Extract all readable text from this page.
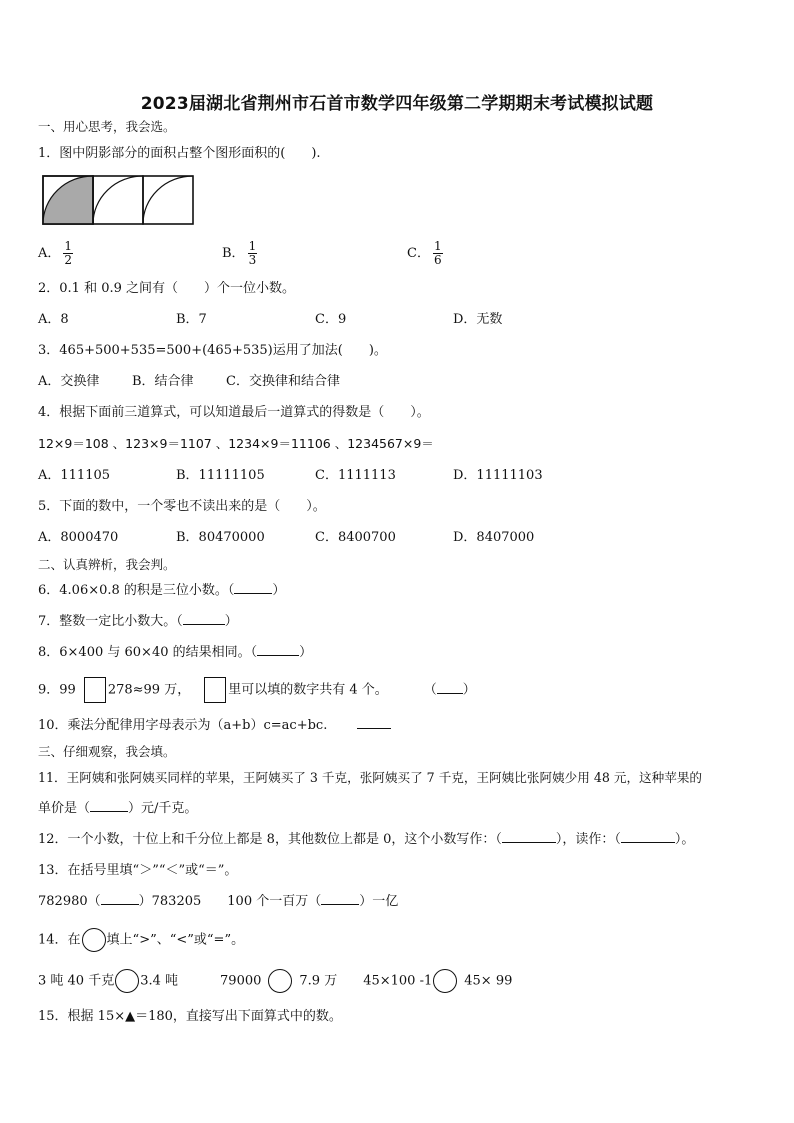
2023届湖北省荆州市石首市数学四年级第二学期期末考试模拟试题
一、用心思考，我会选。
1．图中阴影部分的面积占整个图形面积的(　　).
A． $\frac{1}{2}$	B． $\frac{1}{3}$	C． $\frac{1}{6}$
2．0.1 和 0.9 之间有（　　）个一位小数。
A．8	B．7	C．9	D．无数
3．465+500+535=500+(465+535)运用了加法(　　)。
A．交换律	B．结合律 C．交换律和结合律
4．根据下面前三道算式，可以知道最后一道算式的得数是（　　）。
12×9＝108 、123×9＝1107 、1234×9＝11106 、1234567×9＝
A．111105	B．11111105	C．1111113	D．11111103
5．下面的数中，一个零也不读出来的是（　　）。
A．8000470	B．80470000	C．8400700	D．8407000
二、认真辨析，我会判。
6．4.06×0.8 的积是三位小数。（	）
7．整数一定比小数大。（	）
8．6×400 与 60×40 的结果相同。（	）
9．99 278≈99 万，	里可以填的数字共有 4 个。	（ ）
10．乘法分配律用字母表示为（a+b）c=ac+bc.
三、仔细观察，我会填。
11．王阿姨和张阿姨买同样的苹果，王阿姨买了 3 千克，张阿姨买了 7 千克，王阿姨比张阿姨少用 48 元，这种苹果的
单价是（	）元/千克。
12．一个小数，十位上和千分位上都是 8，其他数位上都是 0，这个小数写作：（	），读作：（	）。
13．在括号里填“＞”“＜”或“＝”。
782980（	）783205 100 个一百万（	）一亿
14．在 填上“>”、“<”或“=”。
3 吨 40 千克 3.4 吨	79000	7.9 万 45×100 -1 45× 99
15．根据 15×▲＝180，直接写出下面算式中的数。
